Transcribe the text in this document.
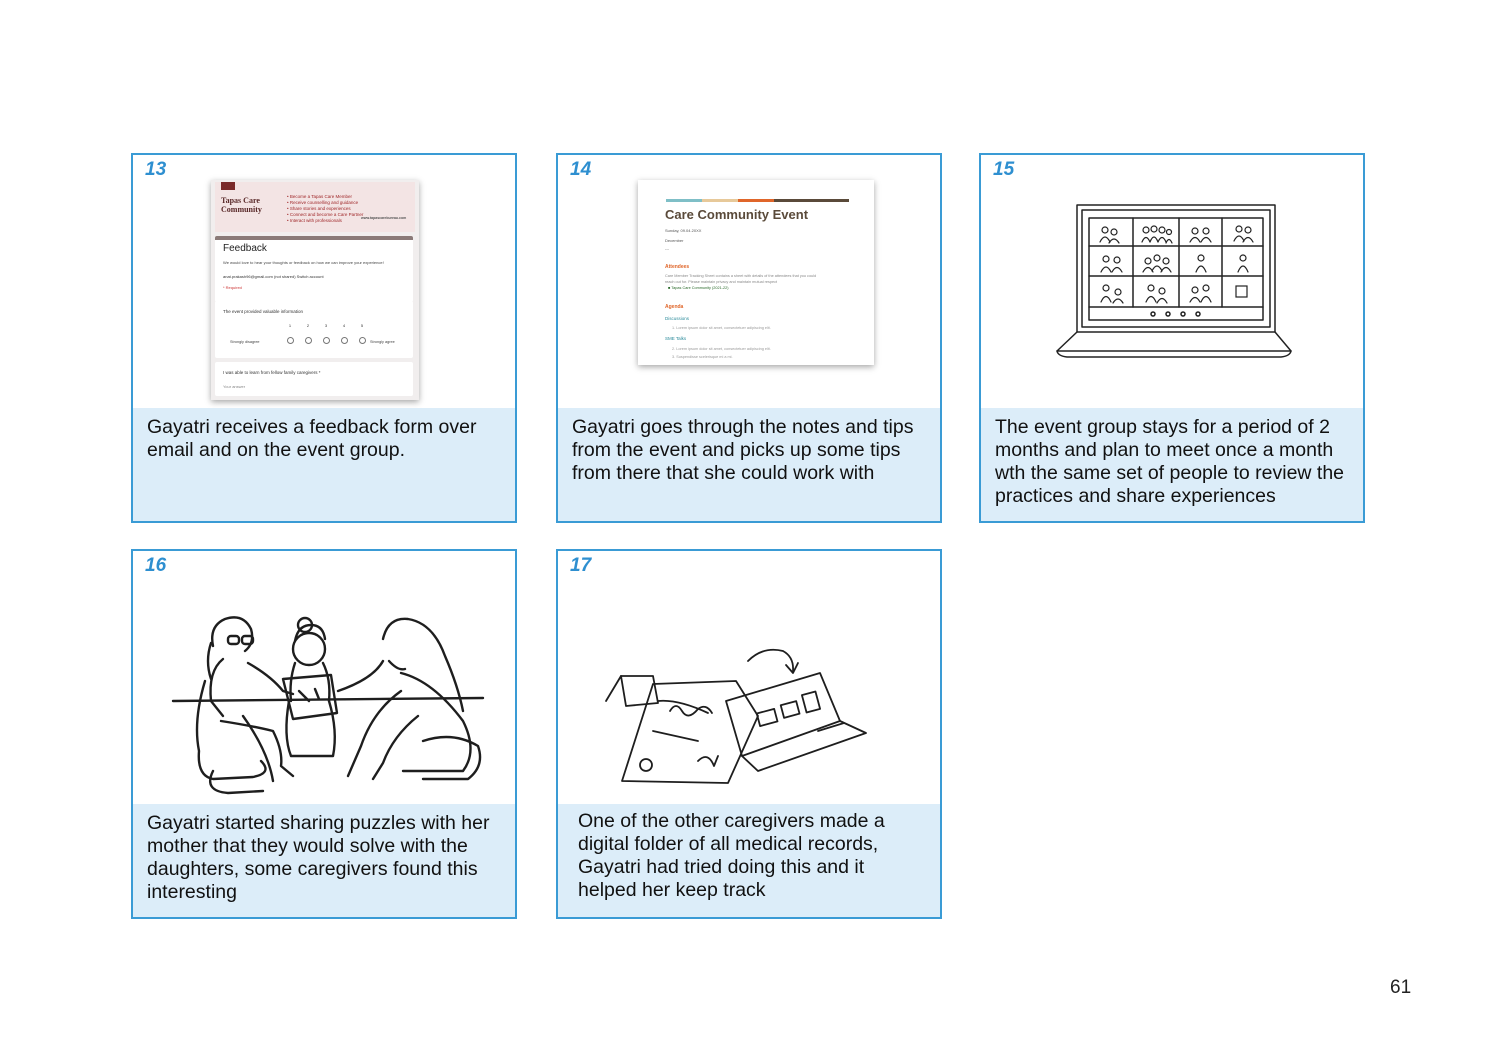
Tapas Care
Community
• Become a Tapas Care Member
• Receive counselling and guidance
• Share stories and experiences
• Connect and become a Care Partner
• Interact with professionals	www.tapascarebureau.com
Feedback
We would love to hear your thoughts or feedback on how we can improve your experience!
anat.prakash96@gmail.com (not shared) Switch account
* Required
The event provided valuable information
1	2	3	4	5
Strongly disagree	Strongly agree
I was able to learn from fellow family caregivers *
Your answer
13
Gayatri receives a feedback form over email and on the event group.
Care Community Event
Sunday, 09.04.20XX
December
---
Attendees
Care Member Tracking Sheet contains a sheet with details of the attendees that you could
reach out for. Please maintain privacy and maintain mutual respect
■ Tapas Care Community (2021-22)
Agenda
Discussions
1. Lorem ipsum dolor sit amet, consectetuer adipiscing elit.
SME Talks
2. Lorem ipsum dolor sit amet, consectetuer adipiscing elit.
3. Suspendisse scelerisque mi a mi.
14
Gayatri goes through the notes and tips from the event and picks up some tips from there that she could work with
15
The event group stays for a period of 2 months and plan to meet once a month wth the same set of people to review the practices and share experiences
16
Gayatri started sharing puzzles with her mother that they would solve with the daughters, some caregivers found this interesting
17
One of the other caregivers made a digital folder of all medical records, Gayatri had tried doing this and it helped her keep track
61
